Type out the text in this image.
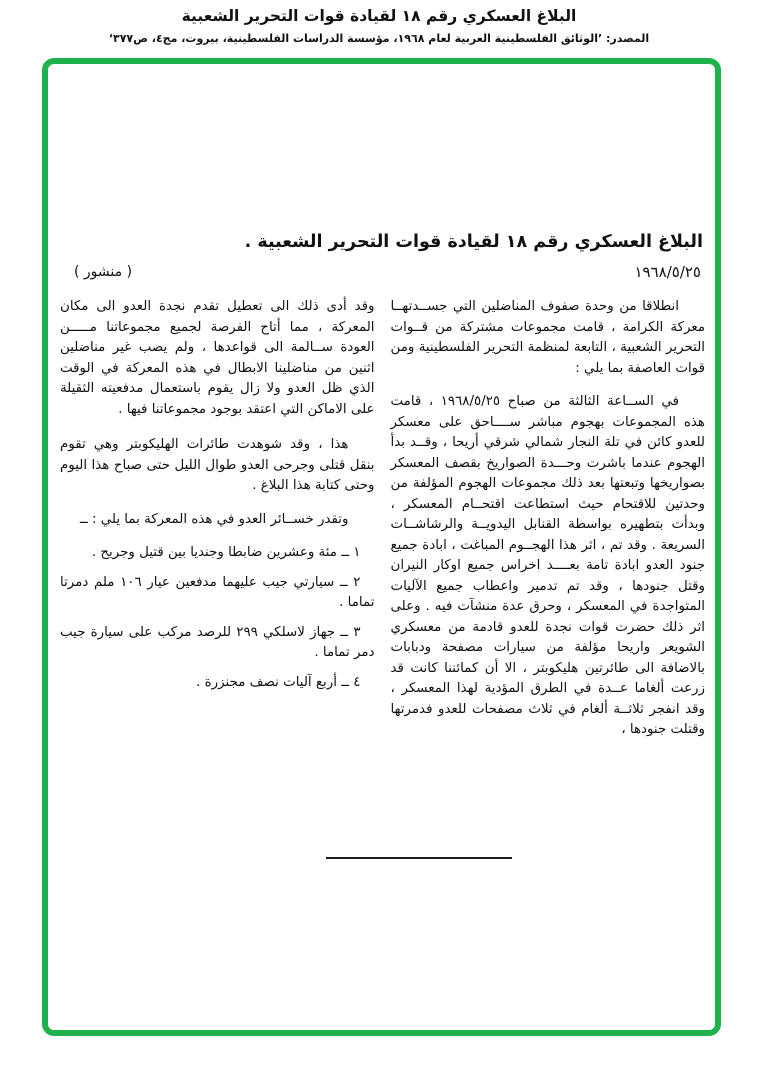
البلاغ العسكري رقم ١٨ لقيادة قوات التحرير الشعبية
المصدر: ’الوثائق الفلسطينية العربية لعام ١٩٦٨، مؤسسة الدراسات الفلسطينية، بيروت، مج٤، ص٣٧٧‘
البلاغ العسكري رقم ١٨ لقيادة قوات التحرير الشعبية .
١٩٦٨/٥/٢٥
( منشور )

انطلاقا من وحدة صفوف المناضلين التي جســدتهــا معركة الكرامة ، قامت مجموعات مشتركة من قــوات التحرير الشعبية ، التابعة لمنظمة التحرير الفلسطينية ومن قوات العاصفة بما يلي :

في الســاعة الثالثة من صباح ١٩٦٨/٥/٢٥ ، قامت هذه المجموعات بهجوم مباشر ســــاحق على معسكر للعدو كائن في تلة النجار شمالي شرقي أريحا ، وقــد بدأ الهجوم عندما باشرت وحـــدة الصواريخ بقصف المعسكر بصواريخها وتبعتها بعد ذلك مجموعات الهجوم المؤلفة من وحدتين للاقتحام حيث استطاعت اقتحــام المعسكر ، وبدأت بتطهيره بواسطة القنابل اليدويــة والرشاشــات السريعة . وقد تم ، اثر هذا الهجــوم المباغت ، ابادة جميع جنود العدو ابادة تامة بعــــد اخراس جميع اوكار النيران وقتل جنودها ، وقد تم تدمير واعطاب جميع الآليات المتواجدة في المعسكر ، وحرق عدة منشآت فيه . وعلى اثر ذلك حضرت قوات نجدة للعدو قادمة من معسكري الشويعر واريحا مؤلفة من سيارات مصفحة ودبابات بالاضافة الى طائرتين هليكوبتر ، الا أن كمائننا كانت قد زرعت ألغاما عــدة في الطرق المؤدية لهذا المعسكر ، وقد انفجر ثلاثــة ألغام في ثلاث مصفحات للعدو فدمرتها وقتلت جنودها ،

وقد أدى ذلك الى تعطيل تقدم نجدة العدو الى مكان المعركة ، مما أتاح الفرصة لجميع مجموعاتنا مـــــن العودة ســالمة الى قواعدها ، ولم يصب غير مناضلين اثنين من مناضلينا الابطال في هذه المعركة في الوقت الذي ظل العدو ولا زال يقوم باستعمال مدفعيته الثقيلة على الاماكن التي اعتقد بوجود مجموعاتنا فيها .

هذا ، وقد شوهدت طائرات الهليكوبتر وهي تقوم بنقل قتلى وجرحى العدو طوال الليل حتى صباح هذا اليوم وحتى كتابة هذا البلاغ .

وتقدر خســائر العدو في هذه المعركة بما يلي : ــ

١ ــ مئة وعشرين ضابطا وجنديا بين قتيل وجريح .

٢ ــ سيارتي جيب عليهما مدفعين عيار ١٠٦ ملم دمرتا تماما .

٣ ــ جهاز لاسلكي ٢٩٩ للرصد مركب على سيارة جيب دمر تماما .

٤ ــ أربع آليات نصف مجنزرة .
